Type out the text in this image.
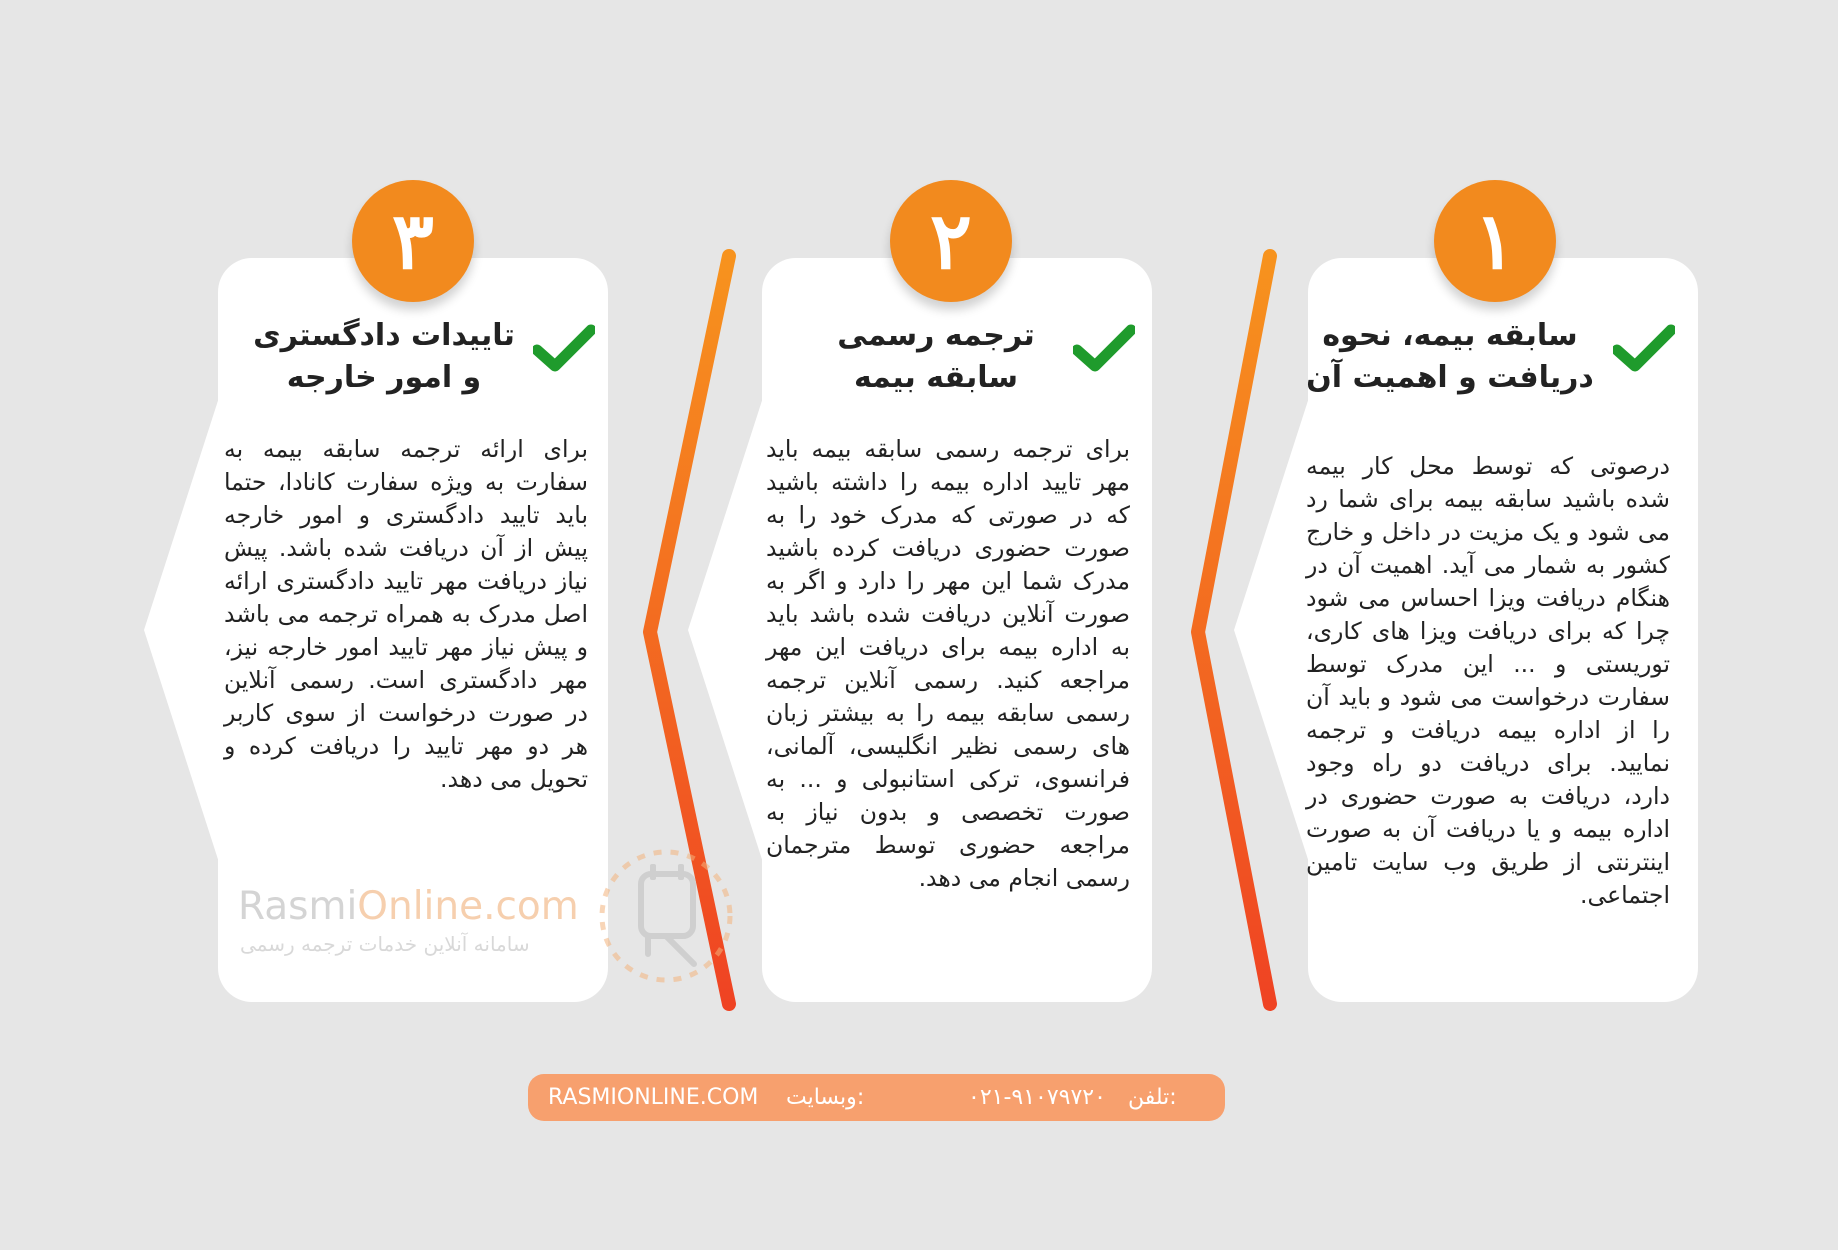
۱
سابقه بیمه، نحوه
دریافت و اهمیت آن
درصوتی که توسط محل کار بیمه شده باشید سابقه بیمه برای شما رد می شود و یک مزیت در داخل و خارج کشور به شمار می آید. اهمیت آن در هنگام دریافت ویزا احساس می شود چرا که برای دریافت ویزا های کاری، توریستی و ... این مدرک توسط سفارت درخواست می شود و باید آن را از اداره بیمه دریافت و ترجمه نمایید. برای دریافت دو راه وجود دارد، دریافت به صورت حضوری در اداره بیمه و یا دریافت آن به صورت اینترنتی از طریق وب سایت تامین اجتماعی.
۲
ترجمه رسمی
سابقه بیمه
برای ترجمه رسمی سابقه بیمه باید مهر تایید اداره بیمه را داشته باشید که در صورتی که مدرک خود را به صورت حضوری دریافت کرده باشید مدرک شما این مهر را دارد و اگر به صورت آنلاین دریافت شده باشد باید به اداره بیمه برای دریافت این مهر مراجعه کنید. رسمی آنلاین ترجمه رسمی سابقه بیمه را به بیشتر زبان های رسمی نظیر انگلیسی، آلمانی، فرانسوی، ترکی استانبولی و ... به صورت تخصصی و بدون نیاز به مراجعه حضوری توسط مترجمان رسمی انجام می دهد.
۳
تاییدات دادگستری
و امور خارجه
برای ارائه ترجمه سابقه بیمه به سفارت به ویژه سفارت کانادا، حتما باید تایید دادگستری و امور خارجه پیش از آن دریافت شده باشد. پیش نیاز دریافت مهر تایید دادگستری ارائه اصل مدرک به همراه ترجمه می باشد و پیش نیاز مهر تایید امور خارجه نیز، مهر دادگستری است. رسمی آنلاین در صورت درخواست از سوی کاربر هر دو مهر تایید را دریافت کرده و تحویل می دهد.
RasmiOnline.com
سامانه آنلاین خدمات ترجمه رسمی
تلفن:
۰۲۱-۹۱۰۷۹۷۲۰
وبسایت:
RASMIONLINE.COM
